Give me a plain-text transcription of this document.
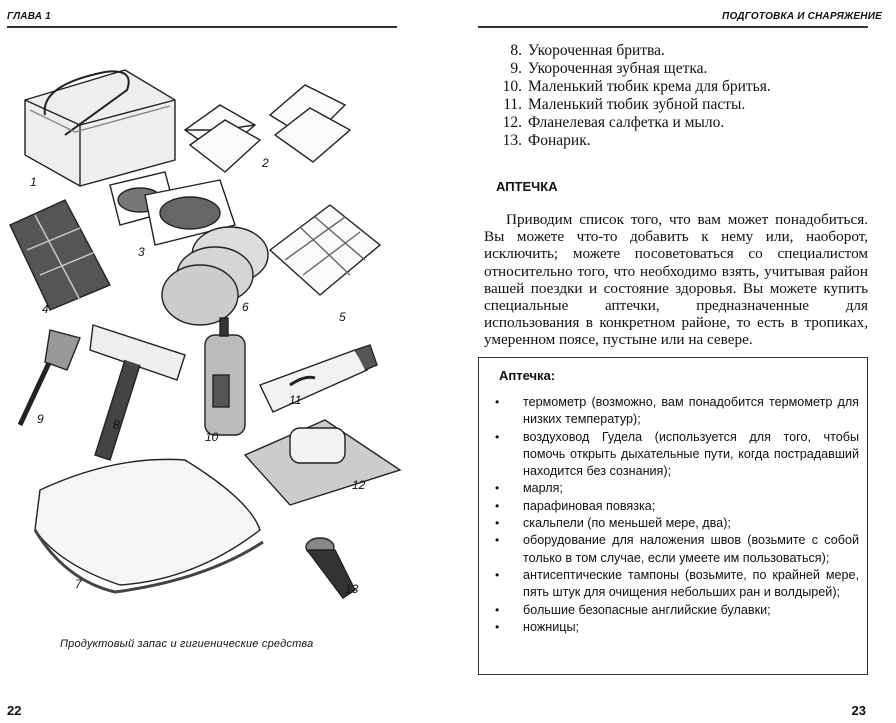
ГЛАВА 1
1
2
3
4
5
6
7
8
9
10
11
12
13
Продуктовый запас и гигиенические средства
22
ПОДГОТОВКА И СНАРЯЖЕНИЕ
8. Укороченная бритва.
9. Укороченная зубная щетка.
10. Маленький тюбик крема для бритья.
11. Маленький тюбик зубной пасты.
12. Фланелевая салфетка и мыло.
13. Фонарик.
АПТЕЧКА

Приводим список того, что вам может понадобиться. Вы можете что-то добавить к нему или, наоборот, исключить; можете посоветоваться со специалистом относительно того, что необходимо взять, учитывая район вашей поездки и состояние здоровья. Вы можете купить специальные аптечки, предназначенные для использования в конкретном районе, то есть в тропиках, умеренном поясе, пустыне или на севере.

Аптечка:
• термометр (возможно, вам понадобится термометр для низких температур);
• воздуховод Гудела (используется для того, чтобы помочь открыть дыхательные пути, когда пострадавший находится без сознания);
• марля;
• парафиновая повязка;
• скальпели (по меньшей мере, два);
• оборудование для наложения швов (возьмите с собой только в том случае, если умеете им пользоваться);
• антисептические тампоны (возьмите, по крайней мере, пять штук для очищения небольших ран и волдырей);
• большие безопасные английские булавки;
• ножницы;
23
